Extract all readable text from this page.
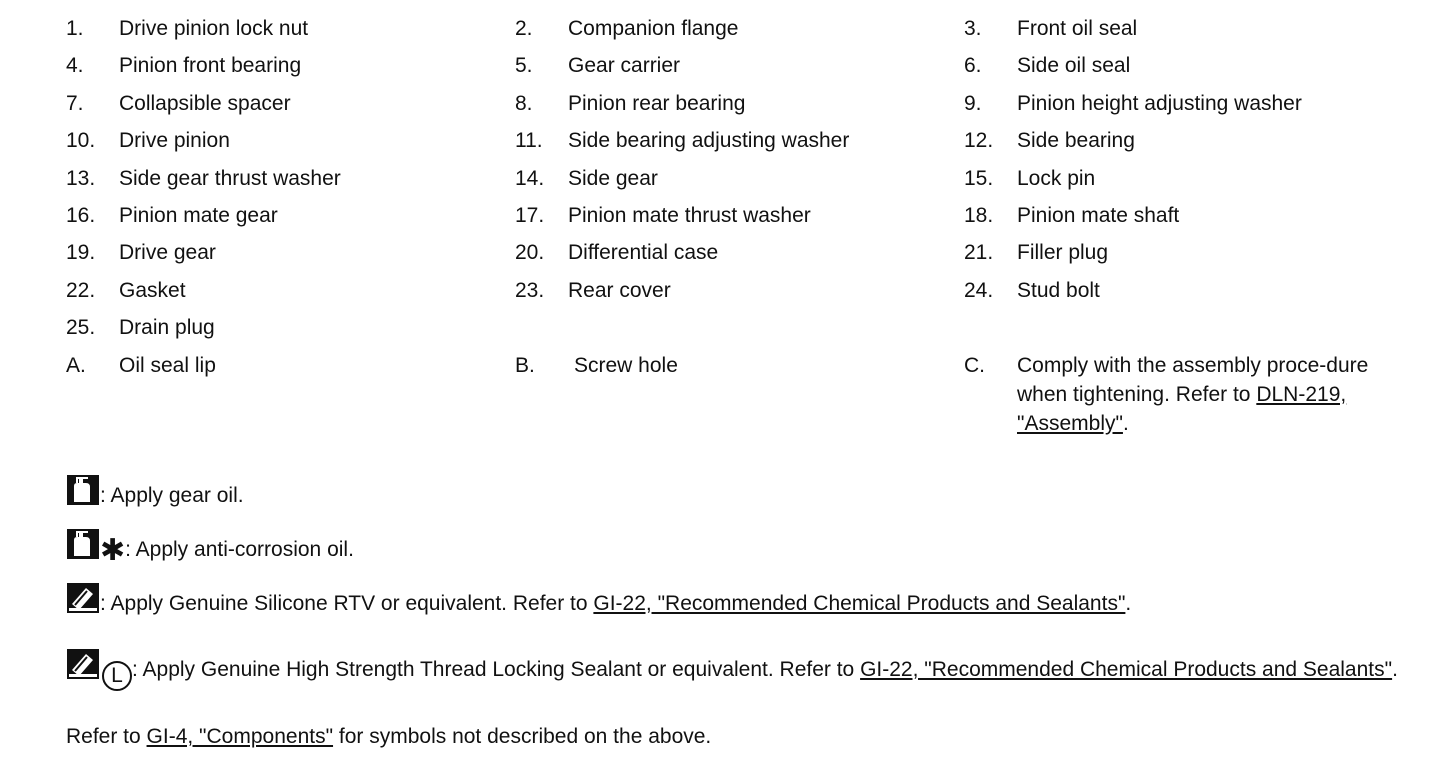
1.	Drive pinion lock nut	2.	Companion flange	3.	Front oil seal
4.	Pinion front bearing	5.	Gear carrier	6.	Side oil seal
7.	Collapsible spacer	8.	Pinion rear bearing	9.	Pinion height adjusting washer
10.	Drive pinion	11.	Side bearing adjusting washer	12.	Side bearing
13.	Side gear thrust washer	14.	Side gear	15.	Lock pin
16.	Pinion mate gear	17.	Pinion mate thrust washer	18.	Pinion mate shaft
19.	Drive gear	20.	Differential case	21.	Filler plug
22.	Gasket	23.	Rear cover	24.	Stud bolt
25.	Drain plug
A.	Oil seal lip	B.	Screw hole	C.	Comply with the assembly proce-dure when tightening. Refer to DLN-219, "Assembly".
: Apply gear oil.
✱: Apply anti-corrosion oil.
: Apply Genuine Silicone RTV or equivalent. Refer to GI-22, "Recommended Chemical Products and Sealants".
L : Apply Genuine High Strength Thread Locking Sealant or equivalent. Refer to GI-22, "Recommended Chemical Products and Sealants".
Refer to GI-4, "Components" for symbols not described on the above.
